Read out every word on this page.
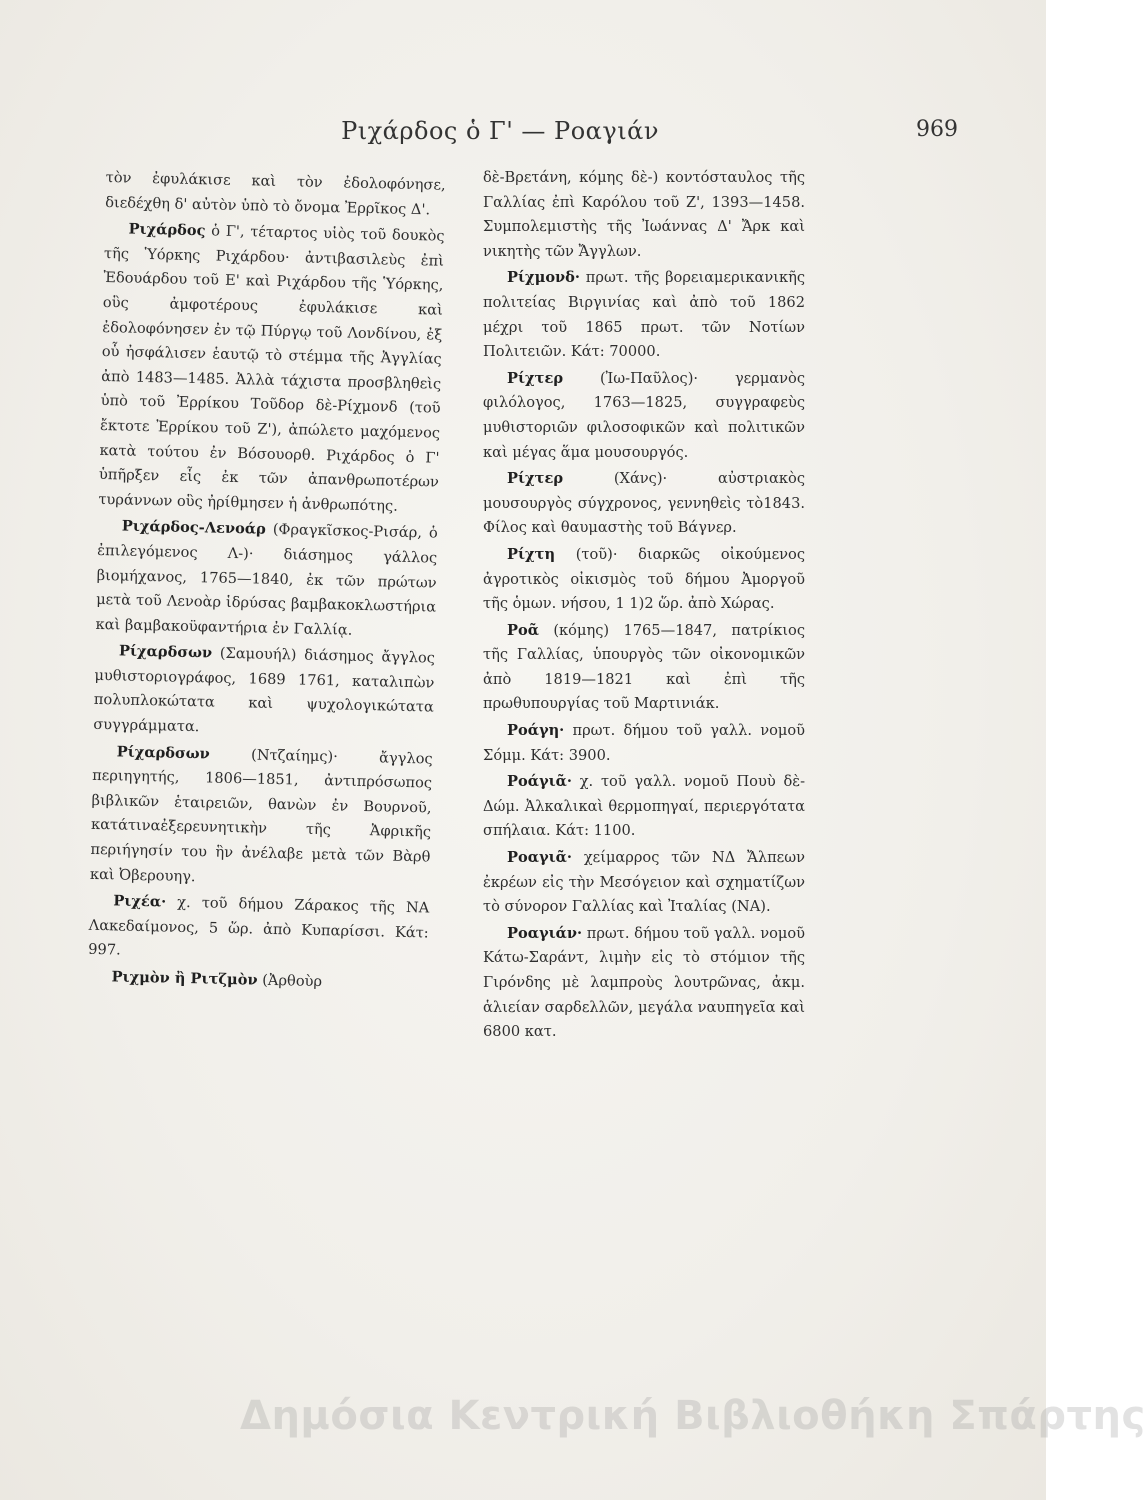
Ριχάρδος ὁ Γ' — Ροαγιάν	969

τὸν ἐφυλάκισε καὶ τὸν ἐδολοφόνησε, διεδέχθη δ' αὐτὸν ὑπὸ τὸ ὄνομα Ἐρρῖκος Δ'.

Ριχάρδος ὁ Γ', τέταρτος υἱὸς τοῦ δουκὸς τῆς Ὑόρκης Ριχάρδου· ἀντιβασιλεὺς ἐπὶ Ἐδουάρδου τοῦ Ε' καὶ Ριχάρδου τῆς Ὑόρκης, οὓς ἀμφοτέρους ἐφυλάκισε καὶ ἐδολοφόνησεν ἐν τῷ Πύργῳ τοῦ Λονδίνου, ἐξ οὗ ἠσφάλισεν ἑαυτῷ τὸ στέμμα τῆς Ἀγγλίας ἀπὸ 1483—1485. Ἀλλὰ τάχιστα προσβληθεὶς ὑπὸ τοῦ Ἐρρίκου Τοῦδορ δὲ-Ρίχμονδ (τοῦ ἔκτοτε Ἐρρίκου τοῦ Ζ'), ἀπώλετο μαχόμενος κατὰ τούτου ἐν Βόσουορθ. Ριχάρδος ὁ Γ' ὑπῆρξεν εἷς ἐκ τῶν ἀπανθρωποτέρων τυράννων οὓς ἠρίθμησεν ἡ ἀνθρωπότης.

Ριχάρδος-Λενοάρ (Φραγκῖσκος-Ρισάρ, ὁ ἐπιλεγόμενος Λ-)· διάσημος γάλλος βιομήχανος, 1765—1840, ἐκ τῶν πρώτων μετὰ τοῦ Λενοὰρ ἱδρύσας βαμβακοκλωστήρια καὶ βαμβακοϋφαντήρια ἐν Γαλλίᾳ.

Ρίχαρδσων (Σαμουήλ) διάσημος ἄγγλος μυθιστοριογράφος, 1689 1761, καταλιπὼν πολυπλοκώτατα καὶ ψυχολογικώτατα συγγράμματα.

Ρίχαρδσων	(Ντζαίημς)· ἄγγλος περιηγητής, 1806—1851, ἀντιπρόσωπος βιβλικῶν ἑταιρειῶν, θανὼν ἐν Βουρνοῦ, κατάτιναἐξερευνητικὴν τῆς Ἀφρικῆς περιήγησίν του ἣν ἀνέλαβε μετὰ τῶν Βὰρθ καὶ Ὀβερουηγ.

Ριχέα· χ. τοῦ δήμου Ζάρακος τῆς ΝΑ Λακεδαίμονος, 5 ὥρ. ἀπὸ Κυπαρίσσι. Κάτ: 997.

Ριχμὸν ἢ Ριτζμὸν (Ἀρθοὺρ

δὲ-Βρετάνη, κόμης δὲ-) κοντόσταυλος τῆς Γαλλίας ἐπὶ Καρόλου τοῦ Ζ', 1393—1458. Συμπολεμιστὴς τῆς Ἰωάννας Δ' Ἄρκ καὶ νικητὴς τῶν Ἄγγλων.

Ρίχμονδ· πρωτ. τῆς βορειαμερικανικῆς πολιτείας Βιργινίας καὶ ἀπὸ τοῦ 1862 μέχρι τοῦ 1865 πρωτ. τῶν Νοτίων Πολιτειῶν. Κάτ: 70000.

Ρίχτερ	(Ἰω-Παῦλος)· γερμανὸς φιλόλογος, 1763—1825, συγγραφεὺς μυθιστοριῶν φιλοσοφικῶν καὶ πολιτικῶν καὶ μέγας ἅμα μουσουργός.

Ρίχτερ	(Χάνς)· αὐστριακὸς μουσουργὸς σύγχρονος, γεννηθεὶς τὸ1843. Φίλος καὶ θαυμαστὴς τοῦ Βάγνερ.

Ρίχτη (τοῦ)· διαρκῶς οἰκούμενος ἀγροτικὸς οἰκισμὸς τοῦ δήμου Ἀμοργοῦ τῆς ὁμων. νήσου, 1 1)2 ὥρ. ἀπὸ Χώρας.

Ροᾶ (κόμης) 1765—1847, πατρίκιος τῆς Γαλλίας, ὑπουργὸς τῶν οἰκονομικῶν ἀπὸ 1819—1821 καὶ ἐπὶ τῆς πρωθυπουργίας τοῦ Μαρτινιάκ.

Ροάγη· πρωτ. δήμου τοῦ γαλλ. νομοῦ Σόμμ. Κάτ: 3900.

Ροάγιᾶ· χ. τοῦ γαλλ. νομοῦ Πουὺ δὲ-Δώμ. Ἀλκαλικαὶ θερμοπηγαί, περιεργότατα σπήλαια. Κάτ: 1100.

Ροαγιᾶ· χείμαρρος τῶν ΝΔ Ἄλπεων ἐκρέων εἰς τὴν Μεσόγειον καὶ σχηματίζων τὸ σύνορον Γαλλίας καὶ Ἰταλίας (ΝΑ).

Ροαγιάν· πρωτ. δήμου τοῦ γαλλ. νομοῦ Κάτω-Σαράντ, λιμὴν εἰς τὸ στόμιον τῆς Γιρόνδης μὲ λαμπροὺς λουτρῶνας, ἀκμ. ἁλιείαν σαρδελλῶν, μεγάλα ναυπηγεῖα καὶ 6800 κατ.

Δημόσια Κεντρική Βιβλιοθήκη Σπάρτης
